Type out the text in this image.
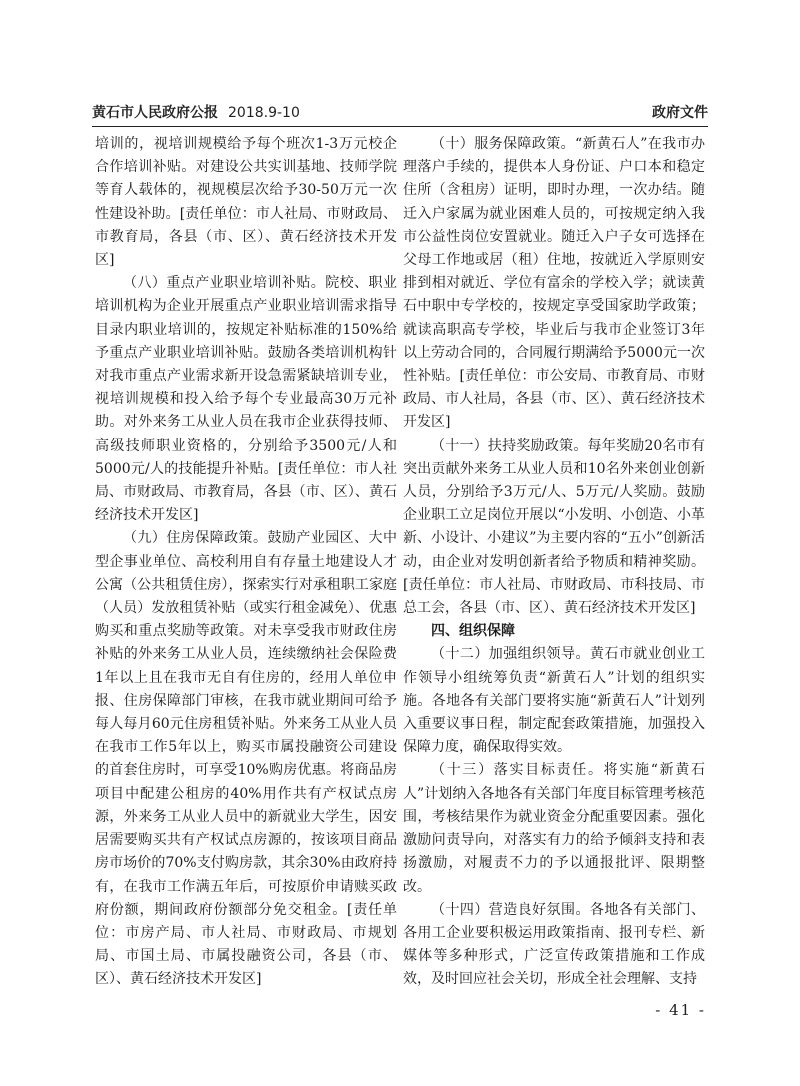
黄石市人民政府公报 2018.9-10	政府文件

培训的，视培训规模给予每个班次1-3万元校企合作培训补贴。对建设公共实训基地、技师学院等育人载体的，视规模层次给予30-50万元一次性建设补助。[责任单位：市人社局、市财政局、市教育局，各县（市、区）、黄石经济技术开发区]

（八）重点产业职业培训补贴。院校、职业培训机构为企业开展重点产业职业培训需求指导目录内职业培训的，按规定补贴标准的150%给予重点产业职业培训补贴。鼓励各类培训机构针对我市重点产业需求新开设急需紧缺培训专业，视培训规模和投入给予每个专业最高30万元补助。对外来务工从业人员在我市企业获得技师、高级技师职业资格的，分别给予3500元/人和5000元/人的技能提升补贴。[责任单位：市人社局、市财政局、市教育局，各县（市、区）、黄石经济技术开发区]

（九）住房保障政策。鼓励产业园区、大中型企事业单位、高校利用自有存量土地建设人才公寓（公共租赁住房），探索实行对承租职工家庭（人员）发放租赁补贴（或实行租金减免）、优惠购买和重点奖励等政策。对未享受我市财政住房补贴的外来务工从业人员，连续缴纳社会保险费1年以上且在我市无自有住房的，经用人单位申报、住房保障部门审核，在我市就业期间可给予每人每月60元住房租赁补贴。外来务工从业人员在我市工作5年以上，购买市属投融资公司建设的首套住房时，可享受10%购房优惠。将商品房项目中配建公租房的40%用作共有产权试点房源，外来务工从业人员中的新就业大学生，因安居需要购买共有产权试点房源的，按该项目商品房市场价的70%支付购房款，其余30%由政府持有，在我市工作满五年后，可按原价申请赎买政府份额，期间政府份额部分免交租金。[责任单位：市房产局、市人社局、市财政局、市规划局、市国土局、市属投融资公司，各县（市、区）、黄石经济技术开发区]

（十）服务保障政策。“新黄石人”在我市办理落户手续的，提供本人身份证、户口本和稳定住所（含租房）证明，即时办理，一次办结。随迁入户家属为就业困难人员的，可按规定纳入我市公益性岗位安置就业。随迁入户子女可选择在父母工作地或居（租）住地，按就近入学原则安排到相对就近、学位有富余的学校入学；就读黄石中职中专学校的，按规定享受国家助学政策；就读高职高专学校，毕业后与我市企业签订3年以上劳动合同的，合同履行期满给予5000元一次性补贴。[责任单位：市公安局、市教育局、市财政局、市人社局，各县（市、区）、黄石经济技术开发区]

（十一）扶持奖励政策。每年奖励20名市有突出贡献外来务工从业人员和10名外来创业创新人员，分别给予3万元/人、5万元/人奖励。鼓励企业职工立足岗位开展以“小发明、小创造、小革新、小设计、小建议”为主要内容的“五小”创新活动，由企业对发明创新者给予物质和精神奖励。[责任单位：市人社局、市财政局、市科技局、市总工会，各县（市、区）、黄石经济技术开发区]

四、组织保障

（十二）加强组织领导。黄石市就业创业工作领导小组统筹负责“新黄石人”计划的组织实施。各地各有关部门要将实施“新黄石人”计划列入重要议事日程，制定配套政策措施，加强投入保障力度，确保取得实效。

（十三）落实目标责任。将实施“新黄石人”计划纳入各地各有关部门年度目标管理考核范围，考核结果作为就业资金分配重要因素。强化激励问责导向，对落实有力的给予倾斜支持和表扬激励，对履责不力的予以通报批评、限期整改。

（十四）营造良好氛围。各地各有关部门、各用工企业要积极运用政策指南、报刊专栏、新媒体等多种形式，广泛宣传政策措施和工作成效，及时回应社会关切，形成全社会理解、支持

- 41 -
